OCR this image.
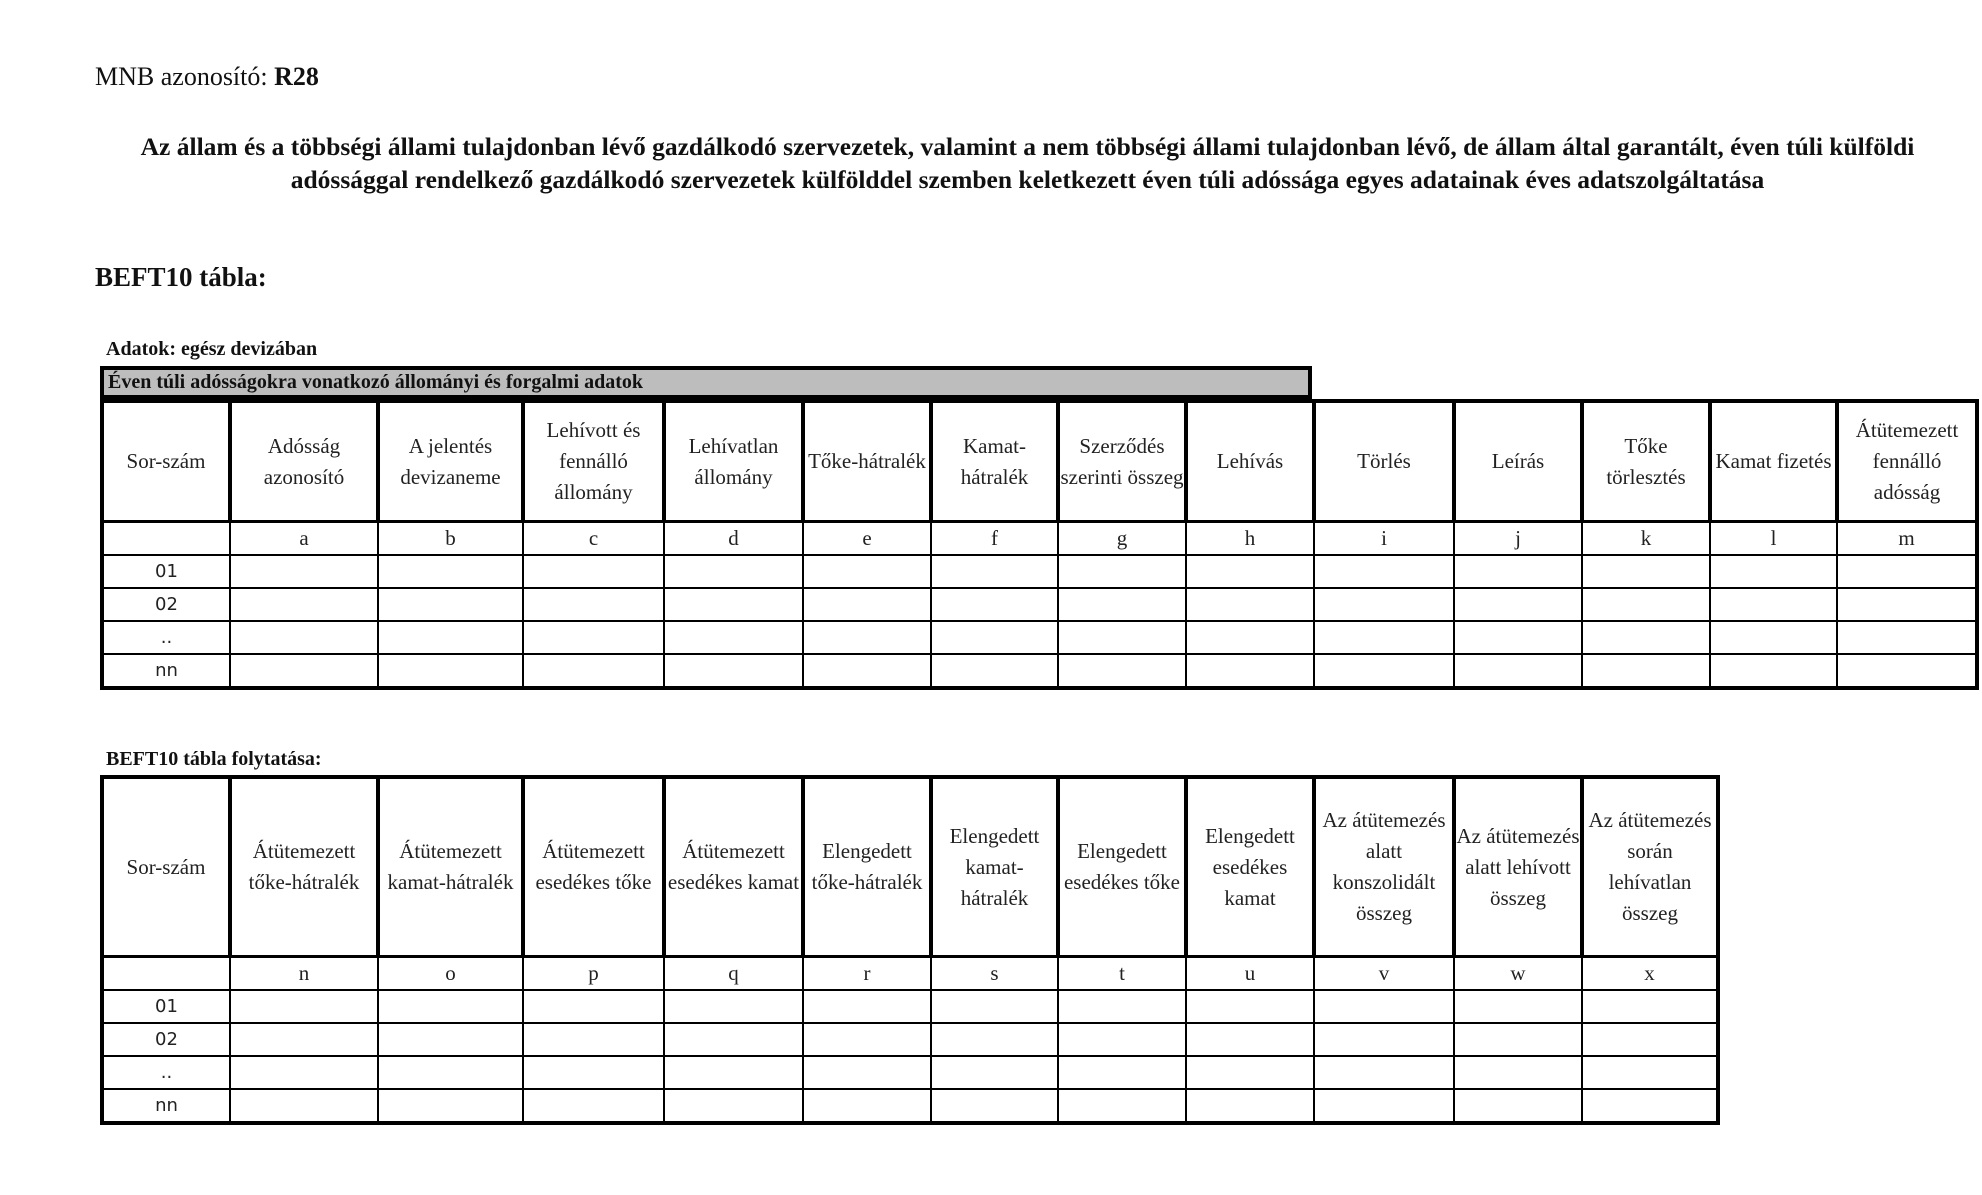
MNB azonosító: R28
Az állam és a többségi állami tulajdonban lévő gazdálkodó szervezetek, valamint a nem többségi állami tulajdonban lévő, de állam által garantált, éven túli külföldi adóssággal rendelkező gazdálkodó szervezetek külfölddel szemben keletkezett éven túli adóssága egyes adatainak éves adatszolgáltatása
BEFT10 tábla:
Adatok: egész devizában
Éven túli adósságokra vonatkozó állományi és forgalmi adatok
Sor-szám	Adósság azonosító	A jelentés devizaneme	Lehívott és fennálló állomány	Lehívatlan állomány	Tőke-hátralék	Kamat-hátralék	Szerződés szerinti összeg	Lehívás	Törlés	Leírás	Tőke törlesztés	Kamat fizetés	Átütemezett fennálló adósság
	a	b	c	d	e	f	g	h	i	j	k	l	m
01													
02													
..													
nn													
BEFT10 tábla folytatása:
Sor-szám	Átütemezett tőke-hátralék	Átütemezett kamat-hátralék	Átütemezett esedékes tőke	Átütemezett esedékes kamat	Elengedett tőke-hátralék	Elengedett kamat-hátralék	Elengedett esedékes tőke	Elengedett esedékes kamat	Az átütemezés alatt konszolidált összeg	Az átütemezés alatt lehívott összeg	Az átütemezés során lehívatlan összeg
	n	o	p	q	r	s	t	u	v	w	x
01											
02											
..											
nn											
